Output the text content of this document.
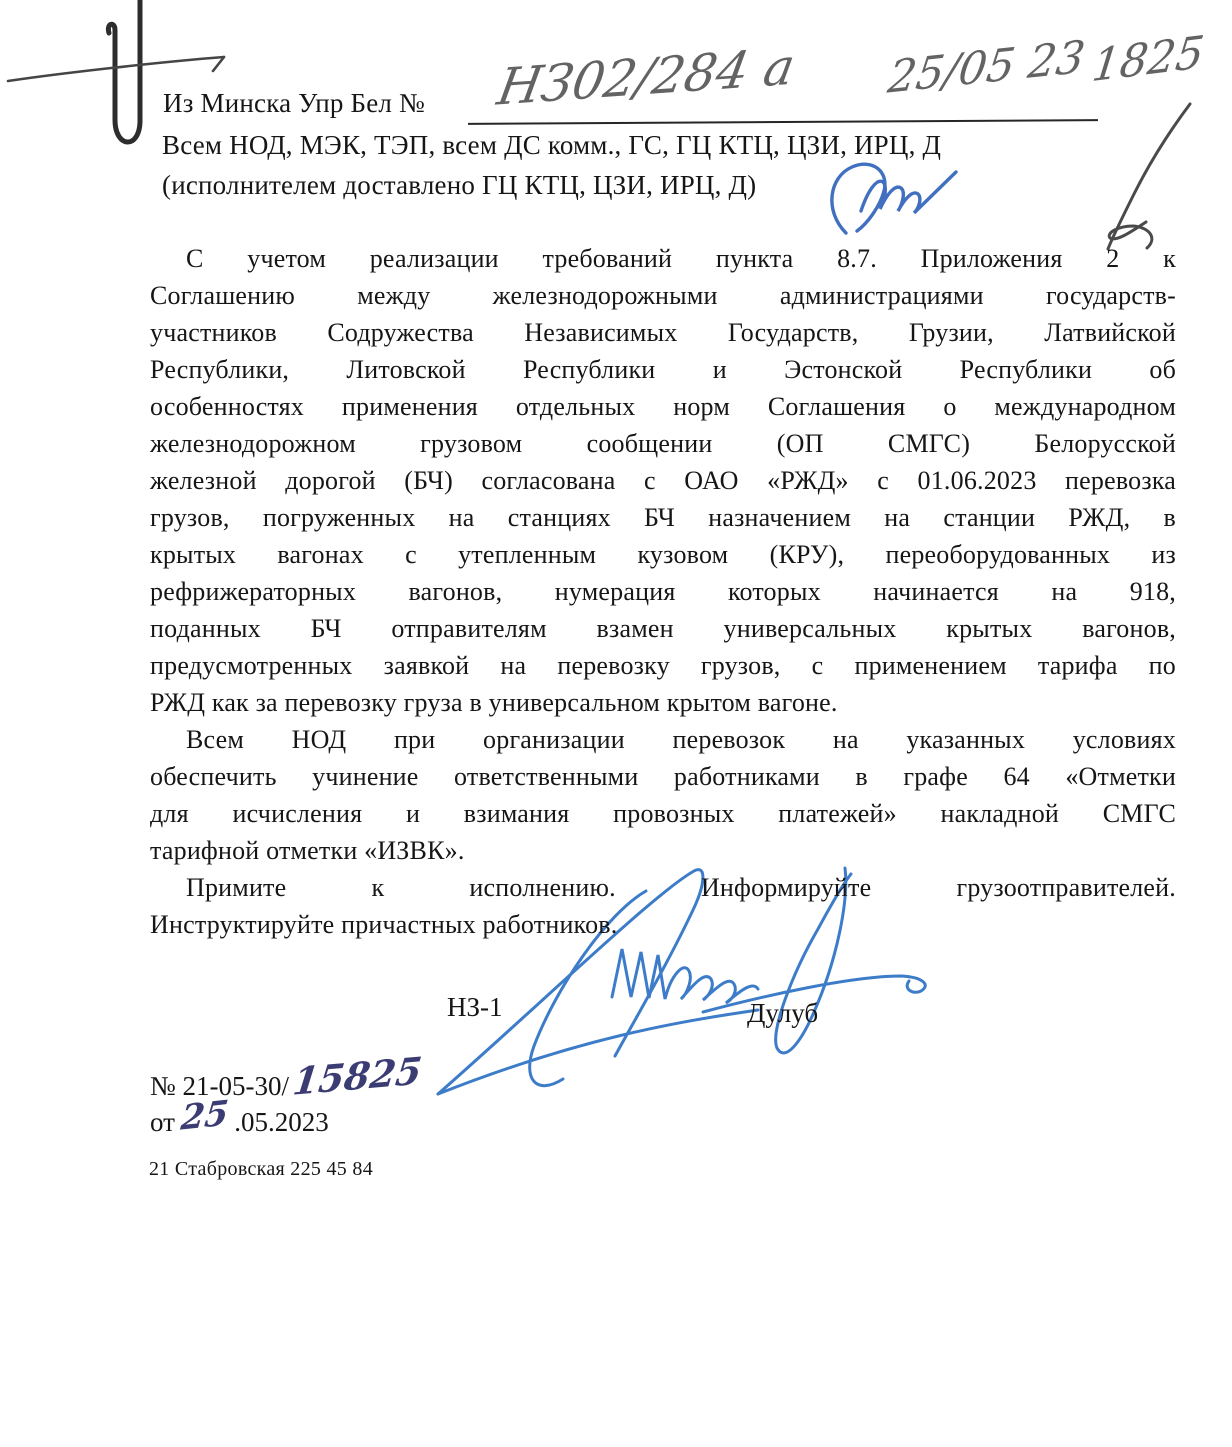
Из Минска Упр Бел № НЗ02/284 а 25/05 23 1825
Всем НОД, МЭК, ТЭП, всем ДС комм., ГС, ГЦ КТЦ, ЦЗИ, ИРЦ, Д
(исполнителем доставлено ГЦ КТЦ, ЦЗИ, ИРЦ, Д)
С учетом реализации требований пункта 8.7. Приложения 2 к
Соглашению между железнодорожными администрациями государств-
участников Содружества Независимых Государств, Грузии, Латвийской
Республики, Литовской Республики и Эстонской Республики об
особенностях применения отдельных норм Соглашения о международном
железнодорожном грузовом сообщении (ОП СМГС) Белорусской
железной дорогой (БЧ) согласована с ОАО «РЖД» с 01.06.2023 перевозка
грузов, погруженных на станциях БЧ назначением на станции РЖД, в
крытых вагонах с утепленным кузовом (КРУ), переоборудованных из
рефрижераторных вагонов, нумерация которых начинается на 918,
поданных БЧ отправителям взамен универсальных крытых вагонов,
предусмотренных заявкой на перевозку грузов, с применением тарифа по
РЖД как за перевозку груза в универсальном крытом вагоне.
Всем НОД при организации перевозок на указанных условиях
обеспечить учинение ответственными работниками в графе 64 «Отметки
для исчисления и взимания провозных платежей» накладной СМГС
тарифной отметки «ИЗВК».
Примите к исполнению. Информируйте грузоотправителей.
Инструктируйте причастных работников.
НЗ-1	Дулуб
№ 21-05-30/15825
от 25 .05.2023
21 Стабровская 225 45 84
